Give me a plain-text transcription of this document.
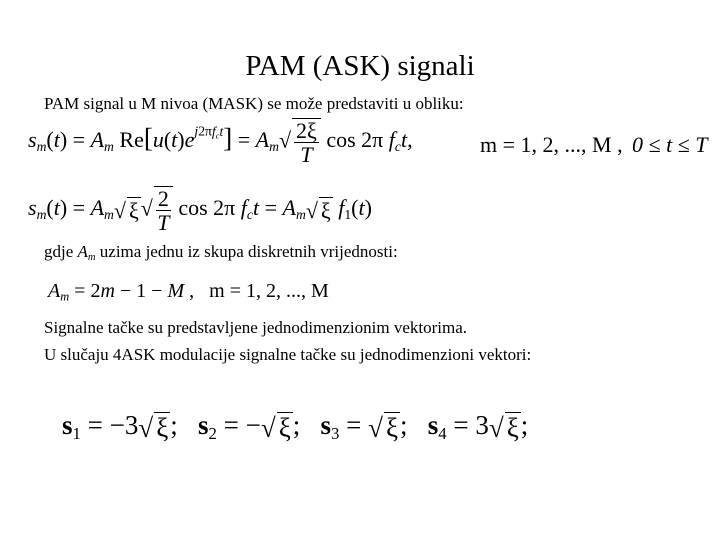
PAM (ASK) signali
PAM signal u M nivoa (MASK) se može predstaviti u obliku:
$s_m(t) = A_m$ $Re[u(t)e^{j2\pi f_ct}] = A_m√ \frac{2\xi}{T}$ cos 2π $f_ct$,	m = 1, 2, ..., M , 0 ≤ t ≤ T
$s_m(t) = A_m√$ $\xi√ \frac{2}{T}$ cos 2π $f_ct = A_m√$ ξ $f_1(t)$
gdje $A_m$ uzima jednu iz skupa diskretnih vrijednosti:
$A_m = 2m - 1 - M$ ,   m = 1, 2, ..., M
Signalne tačke su predstavljene jednodimenzionim vektorima.
U slučaju 4ASK modulacije signalne tačke su jednodimenzioni vektori:
$s_1 = -3√$ ξ; $s_2$ = −√ ξ; $s_3$ = √ ξ; $s_4 = 3√$ ξ;
